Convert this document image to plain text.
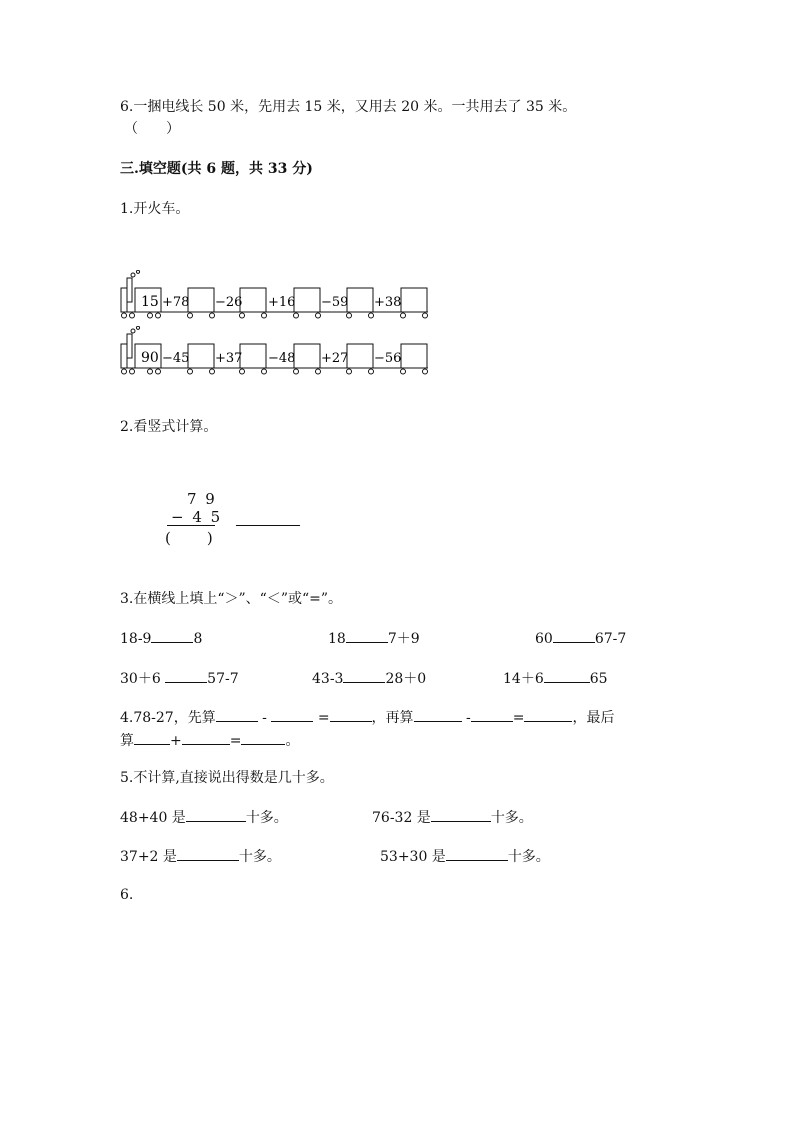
6.一捆电线长 50 米，先用去 15 米，又用去 20 米。一共用去了 35 米。
（　　）
三.填空题(共 6 题，共 33 分)
1.开火车。
15 +78 −26 +16 −59 +38
90 −45 +37 −48 +27 −56
2.看竖式计算。
7 9
− 4 5
(　　)
3.在横线上填上“＞”、“＜”或“=”。
18-9	8	18	7＋9	60	67-7
30＋6	57-7	43-3	28＋0	14＋6	65
4.78-27，先算	-	=	，再算	-	=	，最后
算	+	=	。
5.不计算,直接说出得数是几十多。
48+40 是	十多。	76-32 是	十多。
37+2 是	十多。	53+30 是	十多。
6.
